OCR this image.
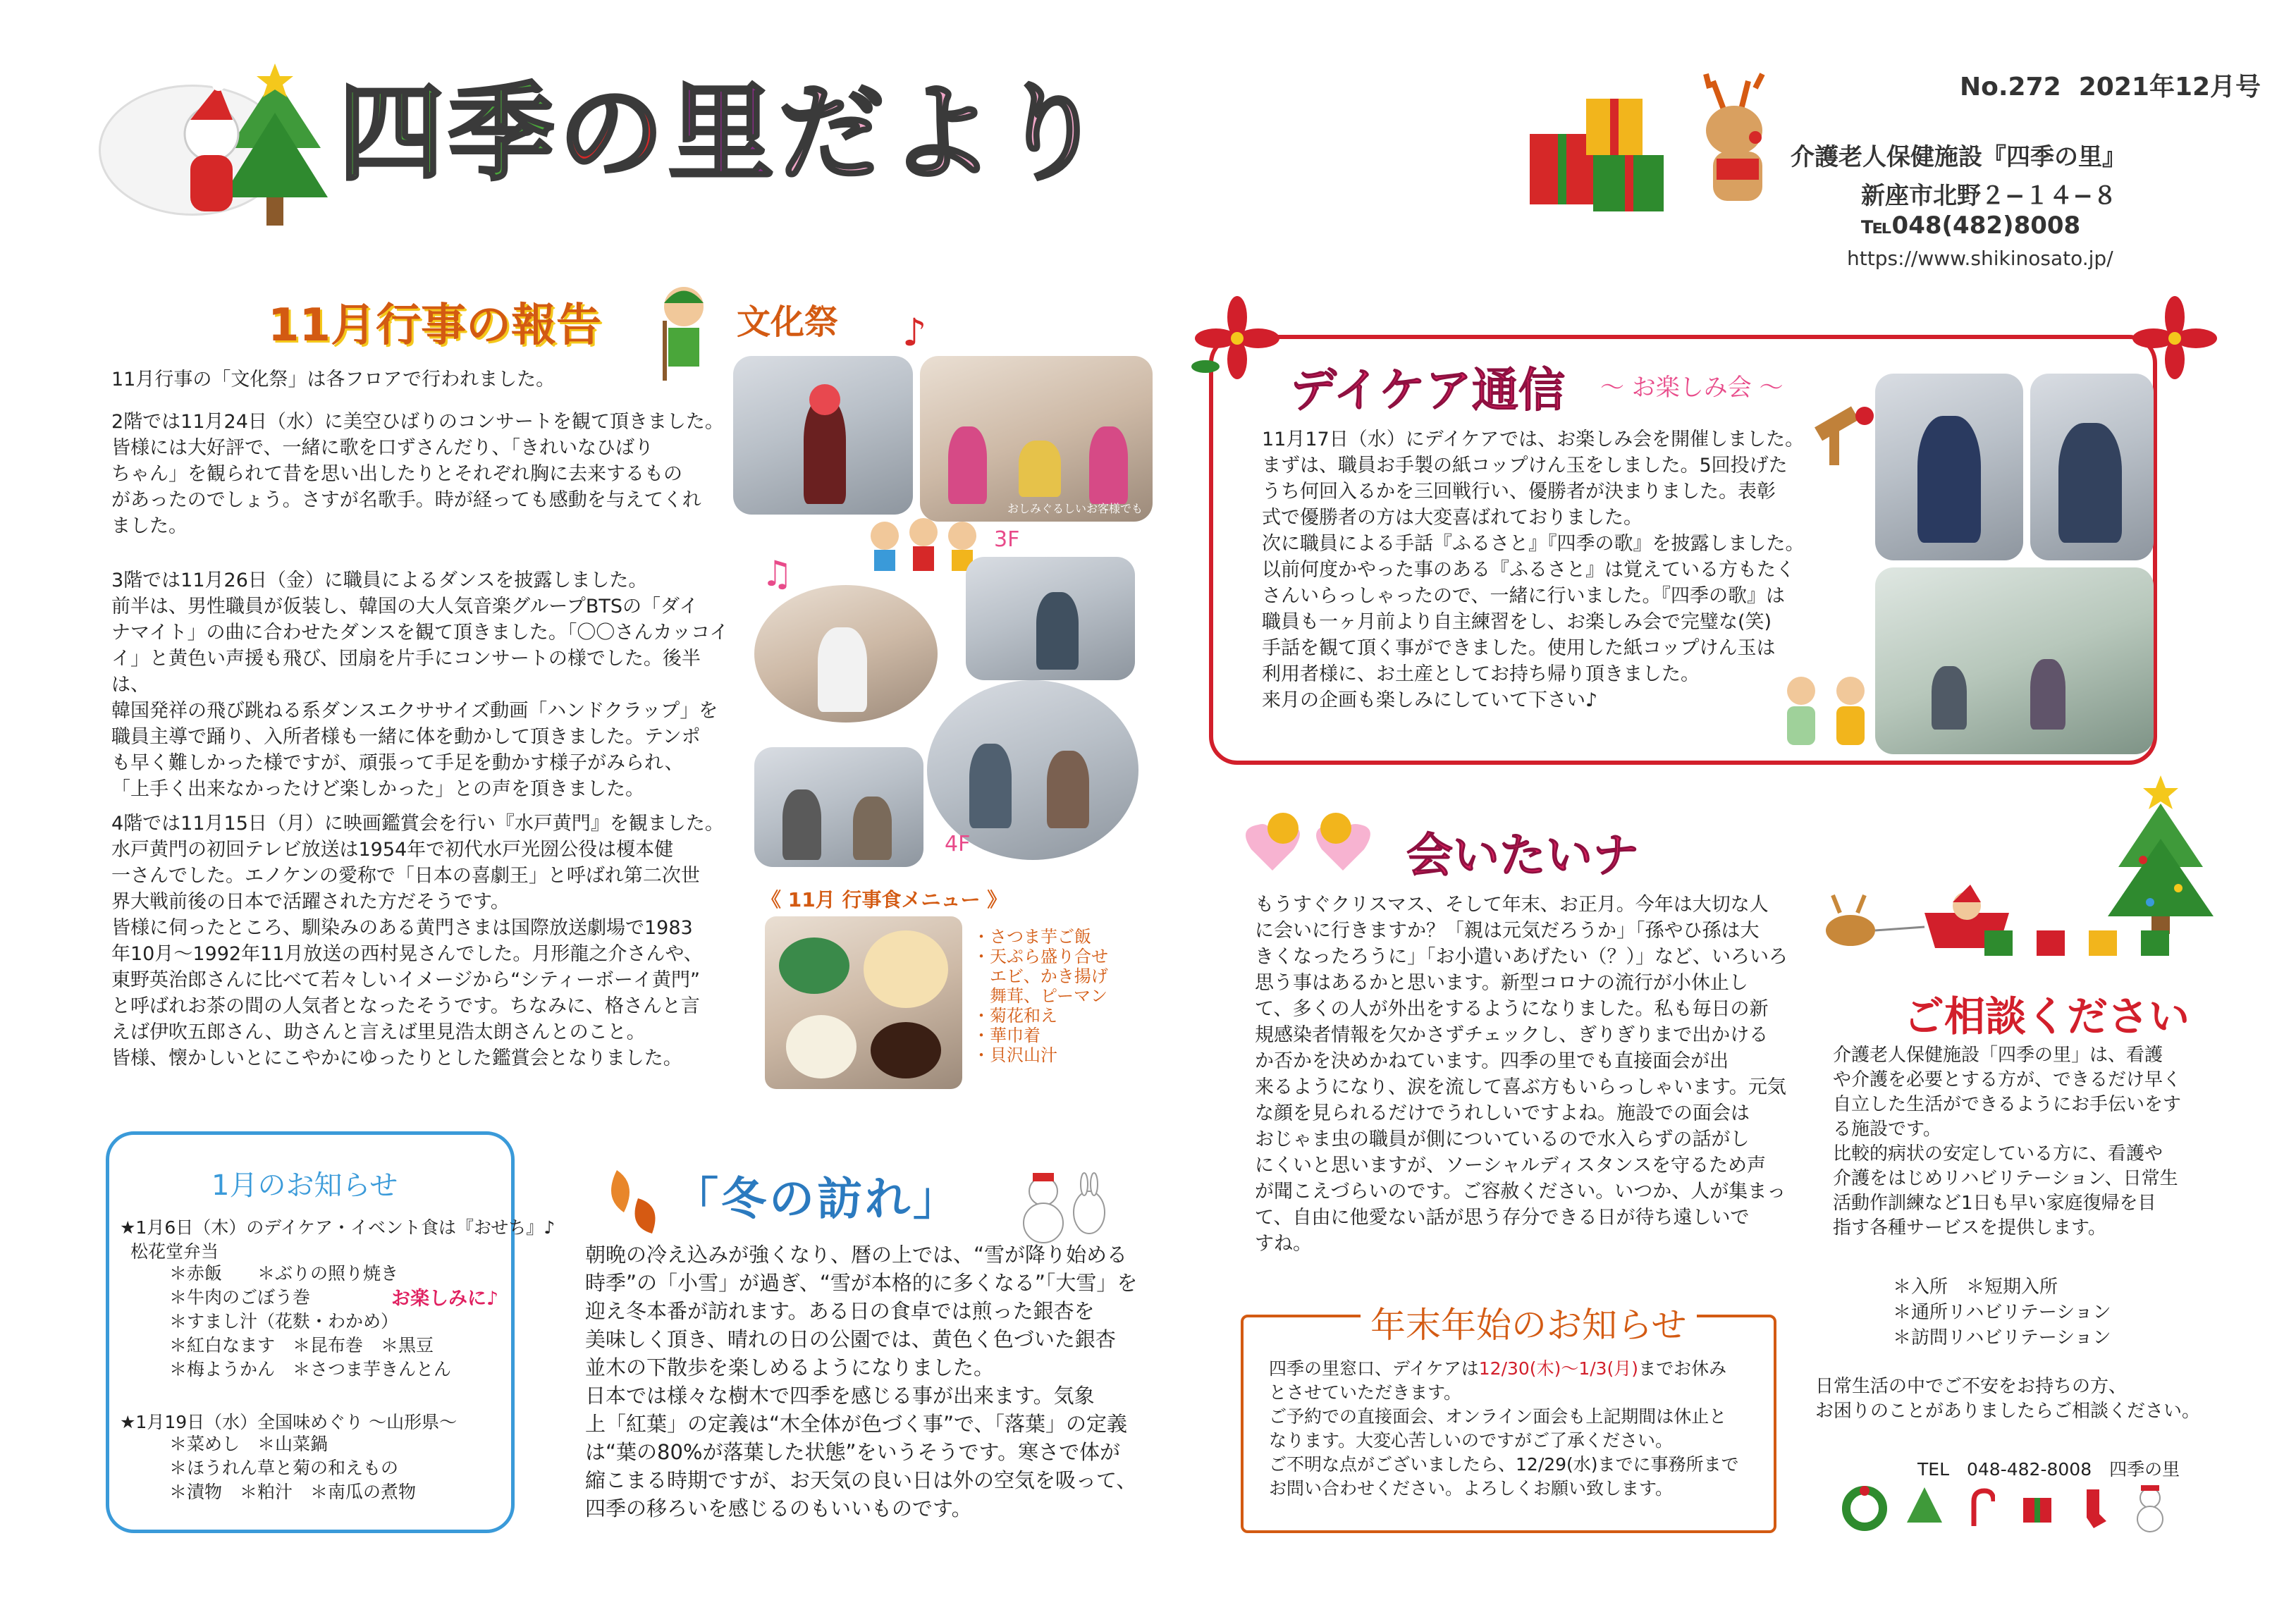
四季の里だより	No.272  2021年12月号
介護老人保健施設『四季の里』
新座市北野２−１４−８
℡048(482)8008
https://www.shikinosato.jp/
11月行事の報告	文化祭 ♪
11月行事の「文化祭」は各フロアで行われました。
2階では11月24日（水）に美空ひばりのコンサートを観て頂きました。
皆様には大好評で、一緒に歌を口ずさんだり、「きれいなひばり
ちゃん」を観られて昔を思い出したりとそれぞれ胸に去来するもの
があったのでしょう。さすが名歌手。時が経っても感動を与えてくれ
ました。
3階では11月26日（金）に職員によるダンスを披露しました。
前半は、男性職員が仮装し、韓国の大人気音楽グループBTSの「ダイ
ナマイト」の曲に合わせたダンスを観て頂きました。「〇〇さんカッコイ
イ」と黄色い声援も飛び、団扇を片手にコンサートの様でした。後半は、
韓国発祥の飛び跳ねる系ダンスエクササイズ動画「ハンドクラップ」を
職員主導で踊り、入所者様も一緒に体を動かして頂きました。テンポ
も早く難しかった様ですが、頑張って手足を動かす様子がみられ、
「上手く出来なかったけど楽しかった」との声を頂きました。
4階では11月15日（月）に映画鑑賞会を行い『水戸黄門』を観ました。
水戸黄門の初回テレビ放送は1954年で初代水戸光圀公役は榎本健
一さんでした。エノケンの愛称で「日本の喜劇王」と呼ばれ第二次世
界大戦前後の日本で活躍された方だそうです。
皆様に伺ったところ、馴染みのある黄門さまは国際放送劇場で1983
年10月〜1992年11月放送の西村晃さんでした。月形龍之介さんや、
東野英治郎さんに比べて若々しいイメージから“シティーボーイ黄門”
と呼ばれお茶の間の人気者となったそうです。ちなみに、格さんと言
えば伊吹五郎さん、助さんと言えば里見浩太朗さんとのこと。
皆様、懐かしいとにこやかにゆったりとした鑑賞会となりました。
おしみぐるしいお客様でも
3F
♫
4F
《 11月 行事食メニュー 》
・さつま芋ご飯
・天ぷら盛り合せ
　エビ、かき揚げ
　舞茸、ピーマン
・菊花和え
・華巾着
・貝沢山汁
1月のお知らせ
★1月6日（木）のデイケア・イベント食は『おせち』♪
松花堂弁当
＊赤飯　　＊ぶりの照り焼き
＊牛肉のごぼう巻
＊すまし汁（花麩・わかめ）
＊紅白なます　＊昆布巻　＊黒豆
＊梅ようかん　＊さつま芋きんとん
お楽しみに♪
★1月19日（水）全国味めぐり 〜山形県〜
＊菜めし　＊山菜鍋
＊ほうれん草と菊の和えもの
＊漬物　＊粕汁　＊南瓜の煮物
「冬の訪れ」
朝晩の冷え込みが強くなり、暦の上では、“雪が降り始める
時季”の「小雪」が過ぎ、“雪が本格的に多くなる”「大雪」を
迎え冬本番が訪れます。ある日の食卓では煎った銀杏を
美味しく頂き、晴れの日の公園では、黄色く色づいた銀杏
並木の下散歩を楽しめるようになりました。
日本では様々な樹木で四季を感じる事が出来ます。気象
上「紅葉」の定義は“木全体が色づく事”で、「落葉」の定義
は“葉の80%が落葉した状態”をいうそうです。寒さで体が
縮こまる時期ですが、お天気の良い日は外の空気を吸って、
四季の移ろいを感じるのもいいものです。
デイケア通信 〜 お楽しみ会 〜
11月17日（水）にデイケアでは、お楽しみ会を開催しました。
まずは、職員お手製の紙コップけん玉をしました。5回投げた
うち何回入るかを三回戦行い、優勝者が決まりました。表彰
式で優勝者の方は大変喜ばれておりました。
次に職員による手話『ふるさと』『四季の歌』を披露しました。
以前何度かやった事のある『ふるさと』は覚えている方もたく
さんいらっしゃったので、一緒に行いました。『四季の歌』は
職員も一ヶ月前より自主練習をし、お楽しみ会で完璧な(笑)
手話を観て頂く事ができました。使用した紙コップけん玉は
利用者様に、お土産としてお持ち帰り頂きました。
来月の企画も楽しみにしていて下さい♪
会いたいナ
もうすぐクリスマス、そして年末、お正月。今年は大切な人
に会いに行きますか？「親は元気だろうか」「孫やひ孫は大
きくなったろうに」「お小遣いあげたい（？）」など、いろいろ
思う事はあるかと思います。新型コロナの流行が小休止し
て、多くの人が外出をするようになりました。私も毎日の新
規感染者情報を欠かさずチェックし、ぎりぎりまで出かける
か否かを決めかねています。四季の里でも直接面会が出
来るようになり、涙を流して喜ぶ方もいらっしゃいます。元気
な顔を見られるだけでうれしいですよね。施設での面会は
おじゃま虫の職員が側についているので水入らずの話がし
にくいと思いますが、ソーシャルディスタンスを守るため声
が聞こえづらいのです。ご容赦ください。いつか、人が集まっ
て、自由に他愛ない話が思う存分できる日が待ち遠しいで
すね。
年末年始のお知らせ
四季の里窓口、デイケアは12/30(木)〜1/3(月)までお休み
とさせていただきます。
ご予約での直接面会、オンライン面会も上記期間は休止と
なります。大変心苦しいのですがご了承ください。
ご不明な点がございましたら、12/29(水)までに事務所まで
お問い合わせください。よろしくお願い致します。
ご相談ください
介護老人保健施設「四季の里」は、看護
や介護を必要とする方が、できるだけ早く
自立した生活ができるようにお手伝いをす
る施設です。
比較的病状の安定している方に、看護や
介護をはじめリハビリテーション、日常生
活動作訓練など1日も早い家庭復帰を目
指す各種サービスを提供します。
＊入所　＊短期入所
＊通所リハビリテーション
＊訪問リハビリテーション
日常生活の中でご不安をお持ちの方、
お困りのことがありましたらご相談ください。
TEL　048-482-8008　四季の里
